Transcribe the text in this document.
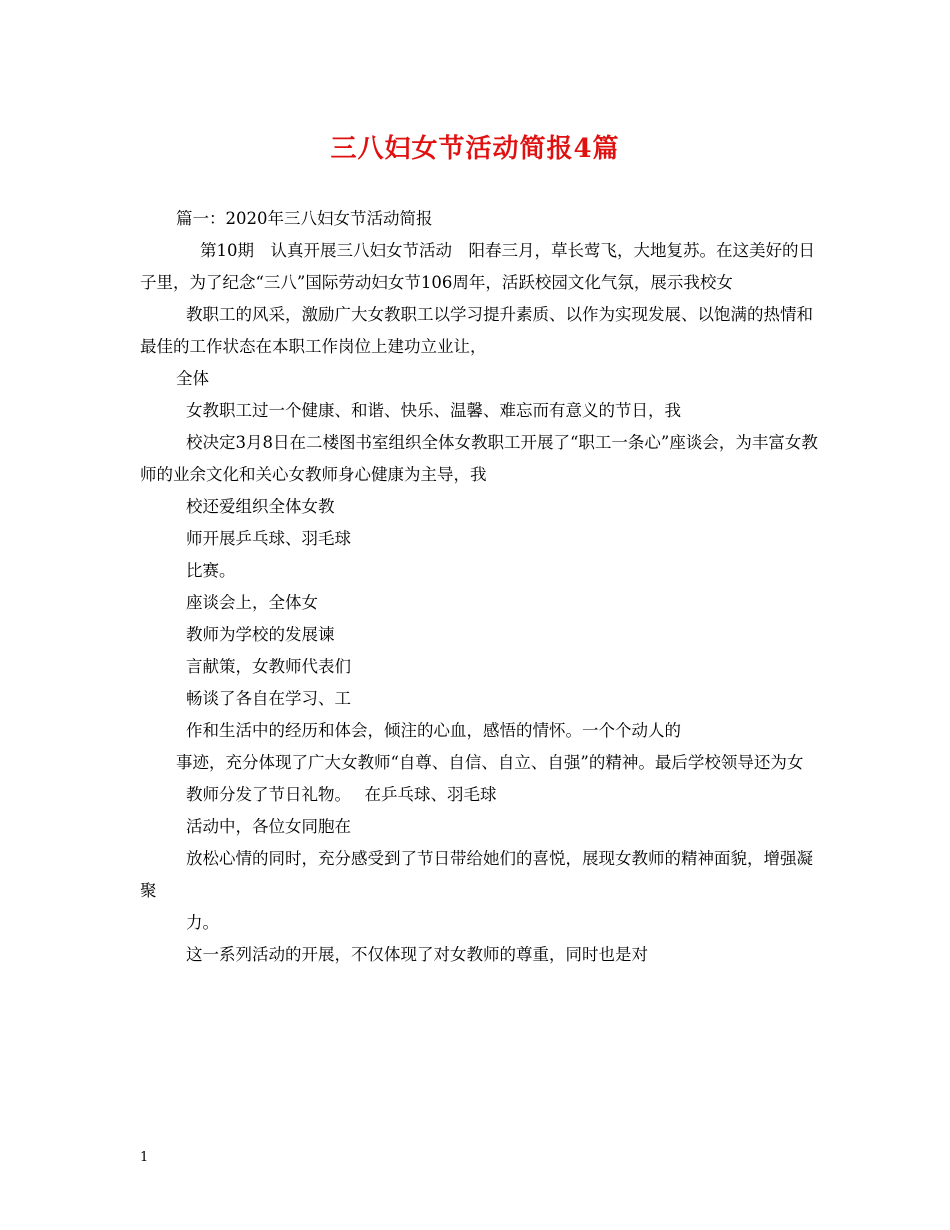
三八妇女节活动简报4篇

篇一：2020年三八妇女节活动简报

第10期　认真开展三八妇女节活动　阳春三月，草长莺飞，大地复苏。在这美好的日子里，为了纪念“三八”国际劳动妇女节106周年，活跃校园文化气氛，展示我校女

教职工的风采，激励广大女教职工以学习提升素质、以作为实现发展、以饱满的热情和最佳的工作状态在本职工作岗位上建功立业让，

全体

女教职工过一个健康、和谐、快乐、温馨、难忘而有意义的节日，我

校决定3月8日在二楼图书室组织全体女教职工开展了“职工一条心”座谈会，为丰富女教师的业余文化和关心女教师身心健康为主导，我

校还爱组织全体女教

师开展乒乓球、羽毛球

比赛。

座谈会上，全体女

教师为学校的发展谏

言献策，女教师代表们

畅谈了各自在学习、工

作和生活中的经历和体会，倾注的心血，感悟的情怀。一个个动人的

事迹，充分体现了广大女教师“自尊、自信、自立、自强”的精神。最后学校领导还为女

教师分发了节日礼物。　 在乒乓球、羽毛球

活动中，各位女同胞在

放松心情的同时，充分感受到了节日带给她们的喜悦，展现女教师的精神面貌，增强凝聚

力。

这一系列活动的开展，不仅体现了对女教师的尊重，同时也是对

1
